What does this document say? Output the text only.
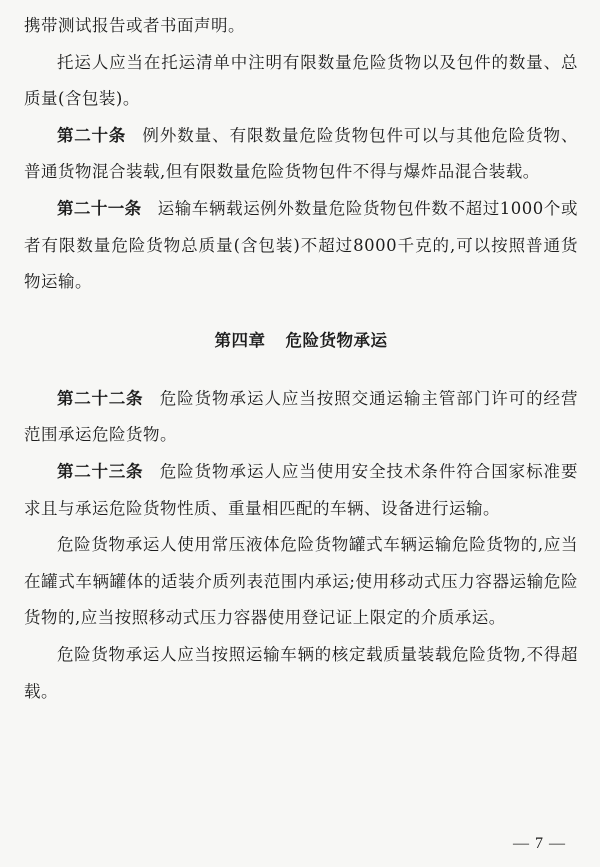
携带测试报告或者书面声明。

托运人应当在托运清单中注明有限数量危险货物以及包件的数量、总质量(含包装)。

第二十条 例外数量、有限数量危险货物包件可以与其他危险货物、普通货物混合装载,但有限数量危险货物包件不得与爆炸品混合装载。

第二十一条 运输车辆载运例外数量危险货物包件数不超过1000个或者有限数量危险货物总质量(含包装)不超过8000千克的,可以按照普通货物运输。

第四章 危险货物承运

第二十二条 危险货物承运人应当按照交通运输主管部门许可的经营范围承运危险货物。

第二十三条 危险货物承运人应当使用安全技术条件符合国家标准要求且与承运危险货物性质、重量相匹配的车辆、设备进行运输。

危险货物承运人使用常压液体危险货物罐式车辆运输危险货物的,应当在罐式车辆罐体的适装介质列表范围内承运;使用移动式压力容器运输危险货物的,应当按照移动式压力容器使用登记证上限定的介质承运。

危险货物承运人应当按照运输车辆的核定载质量装载危险货物,不得超载。

— 7 —
